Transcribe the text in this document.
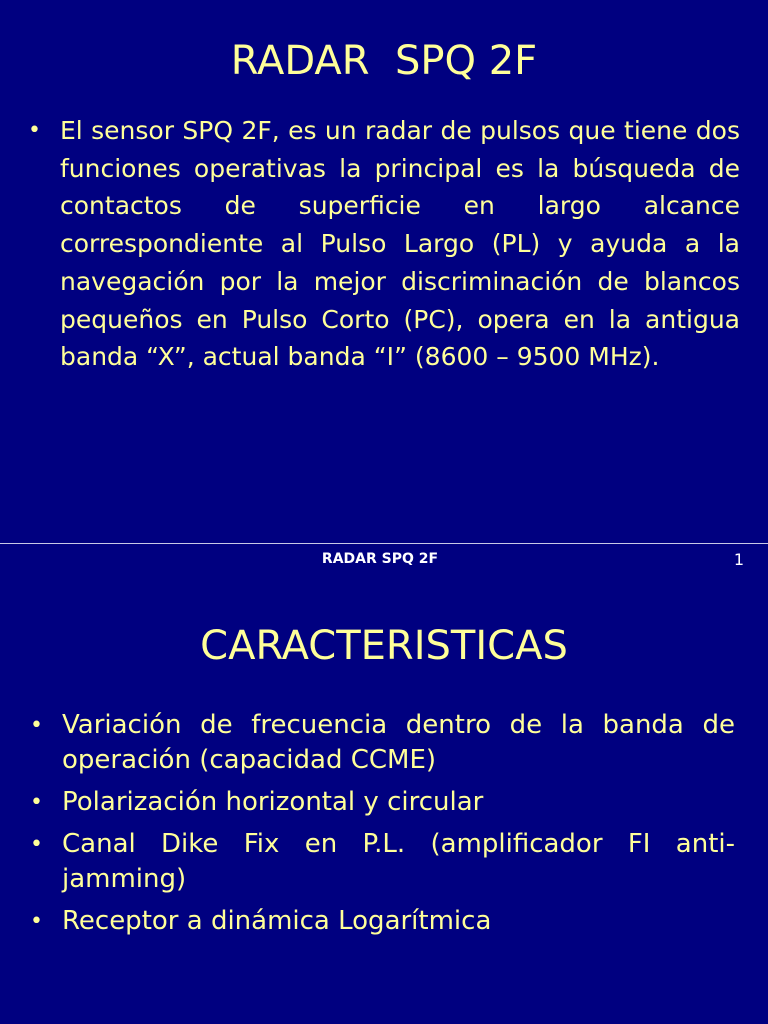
RADAR  SPQ 2F
• El sensor SPQ 2F, es un radar de pulsos que tiene dos funciones operativas la principal es la búsqueda de contactos de superficie en largo alcance correspondiente al Pulso Largo (PL) y ayuda a la navegación por la mejor discriminación de blancos pequeños en Pulso Corto (PC), opera en la antigua banda “X”, actual banda “I” (8600 – 9500 MHz).
RADAR SPQ 2F	1
CARACTERISTICAS
• Variación de frecuencia dentro de la banda de operación (capacidad CCME)
• Polarización horizontal y circular
• Canal Dike Fix en P.L. (amplificador FI anti-jamming)
• Receptor a dinámica Logarítmica
